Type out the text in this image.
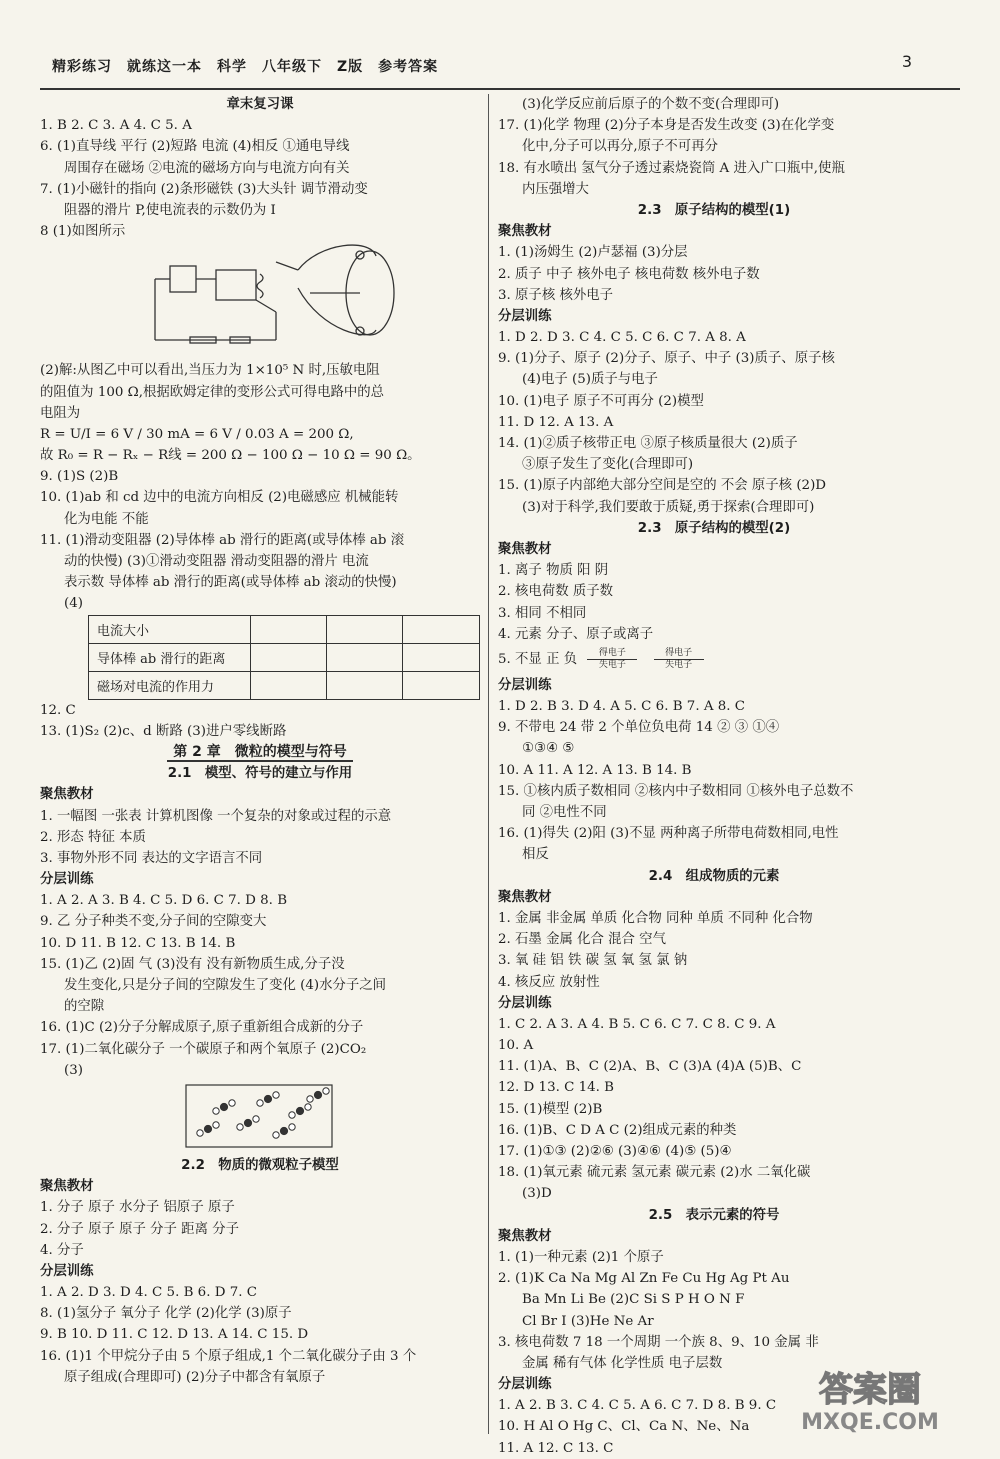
精彩练习　就练这一本　科学　八年级下　Z版　参考答案	3
章末复习课
1. B 2. C 3. A 4. C 5. A
6. (1)直导线 平行 (2)短路 电流 (4)相反 ①通电导线
周围存在磁场 ②电流的磁场方向与电流方向有关
7. (1)小磁针的指向 (2)条形磁铁 (3)大头针 调节滑动变
阻器的滑片 P,使电流表的示数仍为 I
8 (1)如图所示
(2)解:从图乙中可以看出,当压力为 1×10⁵ N 时,压敏电阻
的阻值为 100 Ω,根据欧姆定律的变形公式可得电路中的总
电阻为
R = U/I = 6 V / 30 mA = 6 V / 0.03 A = 200 Ω,
故 R₀ = R − Rₓ − R线 = 200 Ω − 100 Ω − 10 Ω = 90 Ω。
9. (1)S (2)B
10. (1)ab 和 cd 边中的电流方向相反 (2)电磁感应 机械能转
化为电能 不能
11. (1)滑动变阻器 (2)导体棒 ab 滑行的距离(或导体棒 ab 滚
动的快慢) (3)①滑动变阻器 滑动变阻器的滑片 电流
表示数 导体棒 ab 滑行的距离(或导体棒 ab 滚动的快慢)
(4)
电流大小			
导体棒 ab 滑行的距离			
磁场对电流的作用力			
12. C
13. (1)S₂ (2)c、d 断路 (3)进户零线断路
第 2 章　微粒的模型与符号
2.1　模型、符号的建立与作用
聚焦教材
1. 一幅图 一张表 计算机图像 一个复杂的对象或过程的示意
2. 形态 特征 本质
3. 事物外形不同 表达的文字语言不同
分层训练
1. A 2. A 3. B 4. C 5. D 6. C 7. D 8. B
9. 乙 分子种类不变,分子间的空隙变大
10. D 11. B 12. C 13. B 14. B
15. (1)乙 (2)固 气 (3)没有 没有新物质生成,分子没
发生变化,只是分子间的空隙发生了变化 (4)水分子之间
的空隙
16. (1)C (2)分子分解成原子,原子重新组合成新的分子
17. (1)二氧化碳分子 一个碳原子和两个氧原子 (2)CO₂
(3)
2.2　物质的微观粒子模型
聚焦教材
1. 分子 原子 水分子 铝原子 原子
2. 分子 原子 原子 分子 距离 分子
4. 分子
分层训练
1. A 2. D 3. D 4. C 5. B 6. D 7. C
8. (1)氢分子 氧分子 化学 (2)化学 (3)原子
9. B 10. D 11. C 12. D 13. A 14. C 15. D
16. (1)1 个甲烷分子由 5 个原子组成,1 个二氧化碳分子由 3 个
原子组成(合理即可) (2)分子中都含有氧原子
(3)化学反应前后原子的个数不变(合理即可)
17. (1)化学 物理 (2)分子本身是否发生改变 (3)在化学变
化中,分子可以再分,原子不可再分
18. 有水喷出 氢气分子透过素烧瓷筒 A 进入广口瓶中,使瓶
内压强增大
2.3　原子结构的模型(1)
聚焦教材
1. (1)汤姆生 (2)卢瑟福 (3)分层
2. 质子 中子 核外电子 核电荷数 核外电子数
3. 原子核 核外电子
分层训练
1. D 2. D 3. C 4. C 5. C 6. C 7. A 8. A
9. (1)分子、原子 (2)分子、原子、中子 (3)质子、原子核
(4)电子 (5)质子与电子
10. (1)电子 原子不可再分 (2)模型
11. D 12. A 13. A
14. (1)②质子核带正电 ③原子核质量很大 (2)质子
③原子发生了变化(合理即可)
15. (1)原子内部绝大部分空间是空的 不会 原子核 (2)D
(3)对于科学,我们要敢于质疑,勇于探索(合理即可)
2.3　原子结构的模型(2)
聚焦教材
1. 离子 物质 阳 阴
2. 核电荷数 质子数
3. 相同 不相同
4. 元素 分子、原子或离子
5. 不显 正 负 $\frac{\text{得电子}}{\text{失电子}} \frac{\text{得电子}}{\text{失电子}}$
分层训练
1. D 2. B 3. D 4. A 5. C 6. B 7. A 8. C
9. 不带电 24 带 2 个单位负电荷 14 ② ③ ①④
①③④ ⑤
10. A 11. A 12. A 13. B 14. B
15. ①核内质子数相同 ②核内中子数相同 ①核外电子总数不
同 ②电性不同
16. (1)得失 (2)阳 (3)不显 两种离子所带电荷数相同,电性
相反
2.4　组成物质的元素
聚焦教材
1. 金属 非金属 单质 化合物 同种 单质 不同种 化合物
2. 石墨 金属 化合 混合 空气
3. 氧 硅 铝 铁 碳 氢 氧 氢 氯 钠
4. 核反应 放射性
分层训练
1. C 2. A 3. A 4. B 5. C 6. C 7. C 8. C 9. A
10. A
11. (1)A、B、C (2)A、B、C (3)A (4)A (5)B、C
12. D 13. C 14. B
15. (1)模型 (2)B
16. (1)B、C D A C (2)组成元素的种类
17. (1)①③ (2)②⑥ (3)④⑥ (4)⑤ (5)④
18. (1)氧元素 硫元素 氢元素 碳元素 (2)水 二氧化碳
(3)D
2.5　表示元素的符号
聚焦教材
1. (1)一种元素 (2)1 个原子
2. (1)K Ca Na Mg Al Zn Fe Cu Hg Ag Pt Au
Ba Mn Li Be (2)C Si S P H O N F
Cl Br I (3)He Ne Ar
3. 核电荷数 7 18 一个周期 一个族 8、9、10 金属 非
金属 稀有气体 化学性质 电子层数
分层训练
1. A 2. B 3. C 4. C 5. A 6. C 7. D 8. B 9. C
10. H Al O Hg C、Cl、Ca N、Ne、Na
11. A 12. C 13. C
答案圈
MXQE.COM
